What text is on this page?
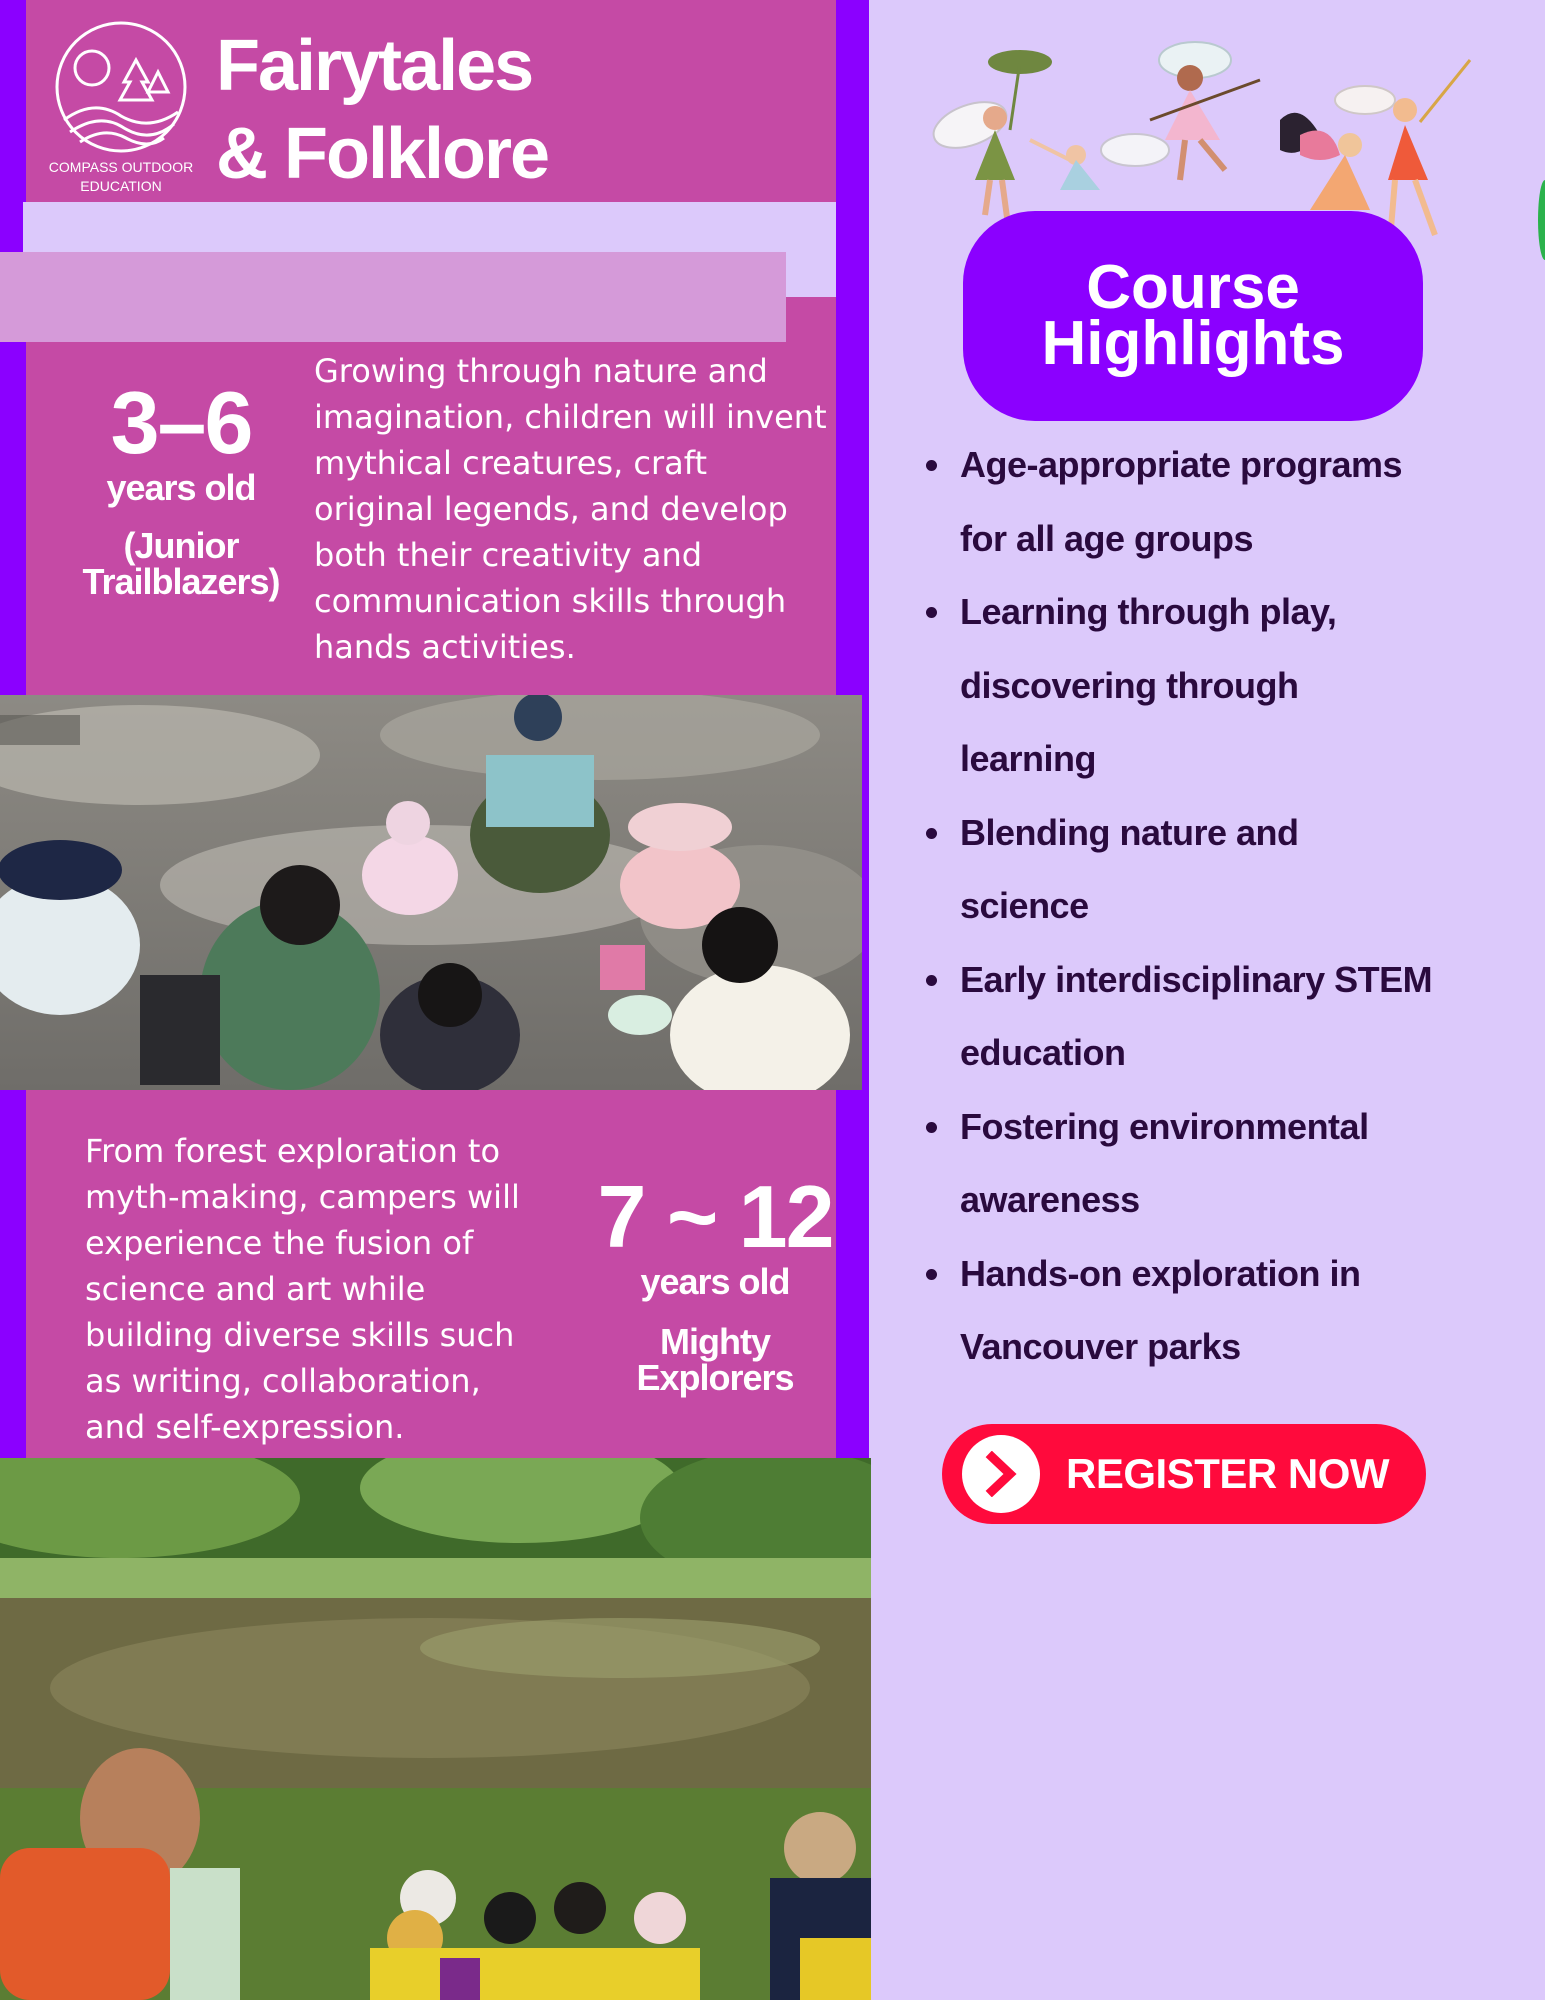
COMPASS OUTDOOR
EDUCATION
Fairytales
& Folklore
3–6
years old
(Junior
Trailblazers)
Growing through nature and
imagination, children will invent
mythical creatures, craft
original legends, and develop
both their creativity and
communication skills through
hands activities.
From forest exploration to
myth-making, campers will
experience the fusion of
science and art while
building diverse skills such
as writing, collaboration,
and self-expression.
7 ~ 12
years old
Mighty
Explorers
Course
Highlights
Age-appropriate programs
for all age groups
Learning through play,
discovering through
learning
Blending nature and
science
Early interdisciplinary STEM
education
Fostering environmental
awareness
Hands-on exploration in
Vancouver parks
REGISTER NOW
